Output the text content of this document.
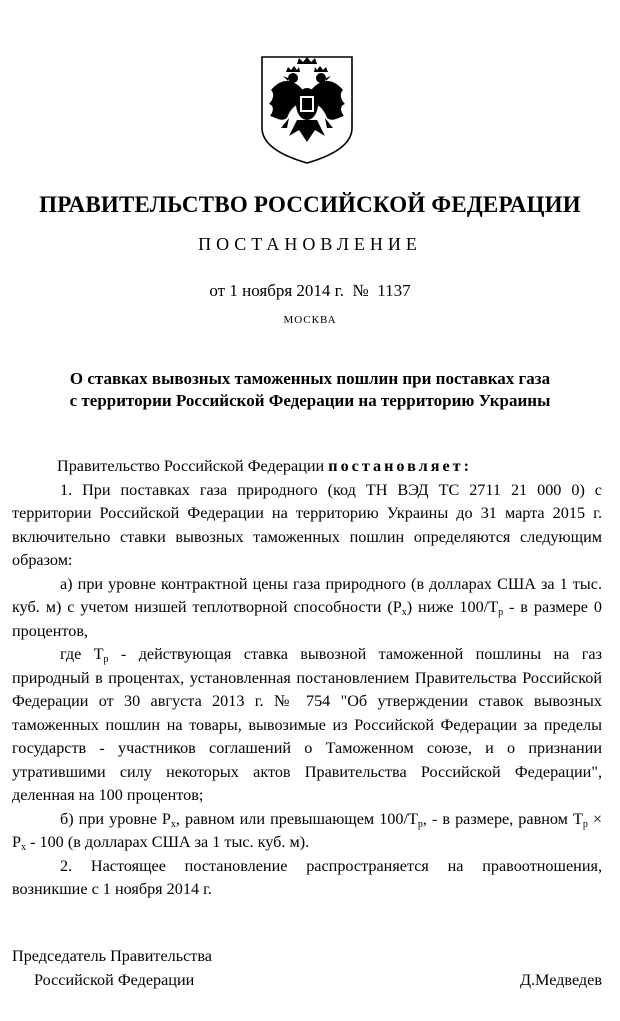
ПРАВИТЕЛЬСТВО РОССИЙСКОЙ ФЕДЕРАЦИИ
ПОСТАНОВЛЕНИЕ
от 1 ноября 2014 г.  №  1137
МОСКВА
О ставках вывозных таможенных пошлин при поставках газа
с территории Российской Федерации на территорию Украины

Правительство Российской Федерации постановляет:

1. При поставках газа природного (код ТН ВЭД ТС 2711 21 000 0) с территории Российской Федерации на территорию Украины до 31 марта 2015 г. включительно ставки вывозных таможенных пошлин определяются следующим образом:

а) при уровне контрактной цены газа природного (в долларах США за 1 тыс. куб. м) с учетом низшей теплотворной способности $(P_x)$ ниже $100/T_р$ - в размере 0 процентов,

где $T_р$ - действующая ставка вывозной таможенной пошлины на газ природный в процентах, установленная постановлением Правительства Российской Федерации от 30 августа 2013 г. № 754 "Об утверждении ставок вывозных таможенных пошлин на товары, вывозимые из Российской Федерации за пределы государств - участников соглашений о Таможенном союзе, и о признании утратившими силу некоторых актов Правительства Российской Федерации", деленная на 100 процентов;

б) при уровне $P_x$, равном или превышающем $100/T_р$, - в размере, равном $T_р \times P_x - 100$ (в долларах США за 1 тыс. куб. м).

2. Настоящее постановление распространяется на правоотношения, возникшие с 1 ноября 2014 г.

Председатель Правительства
Российской Федерации	Д.Медведев
